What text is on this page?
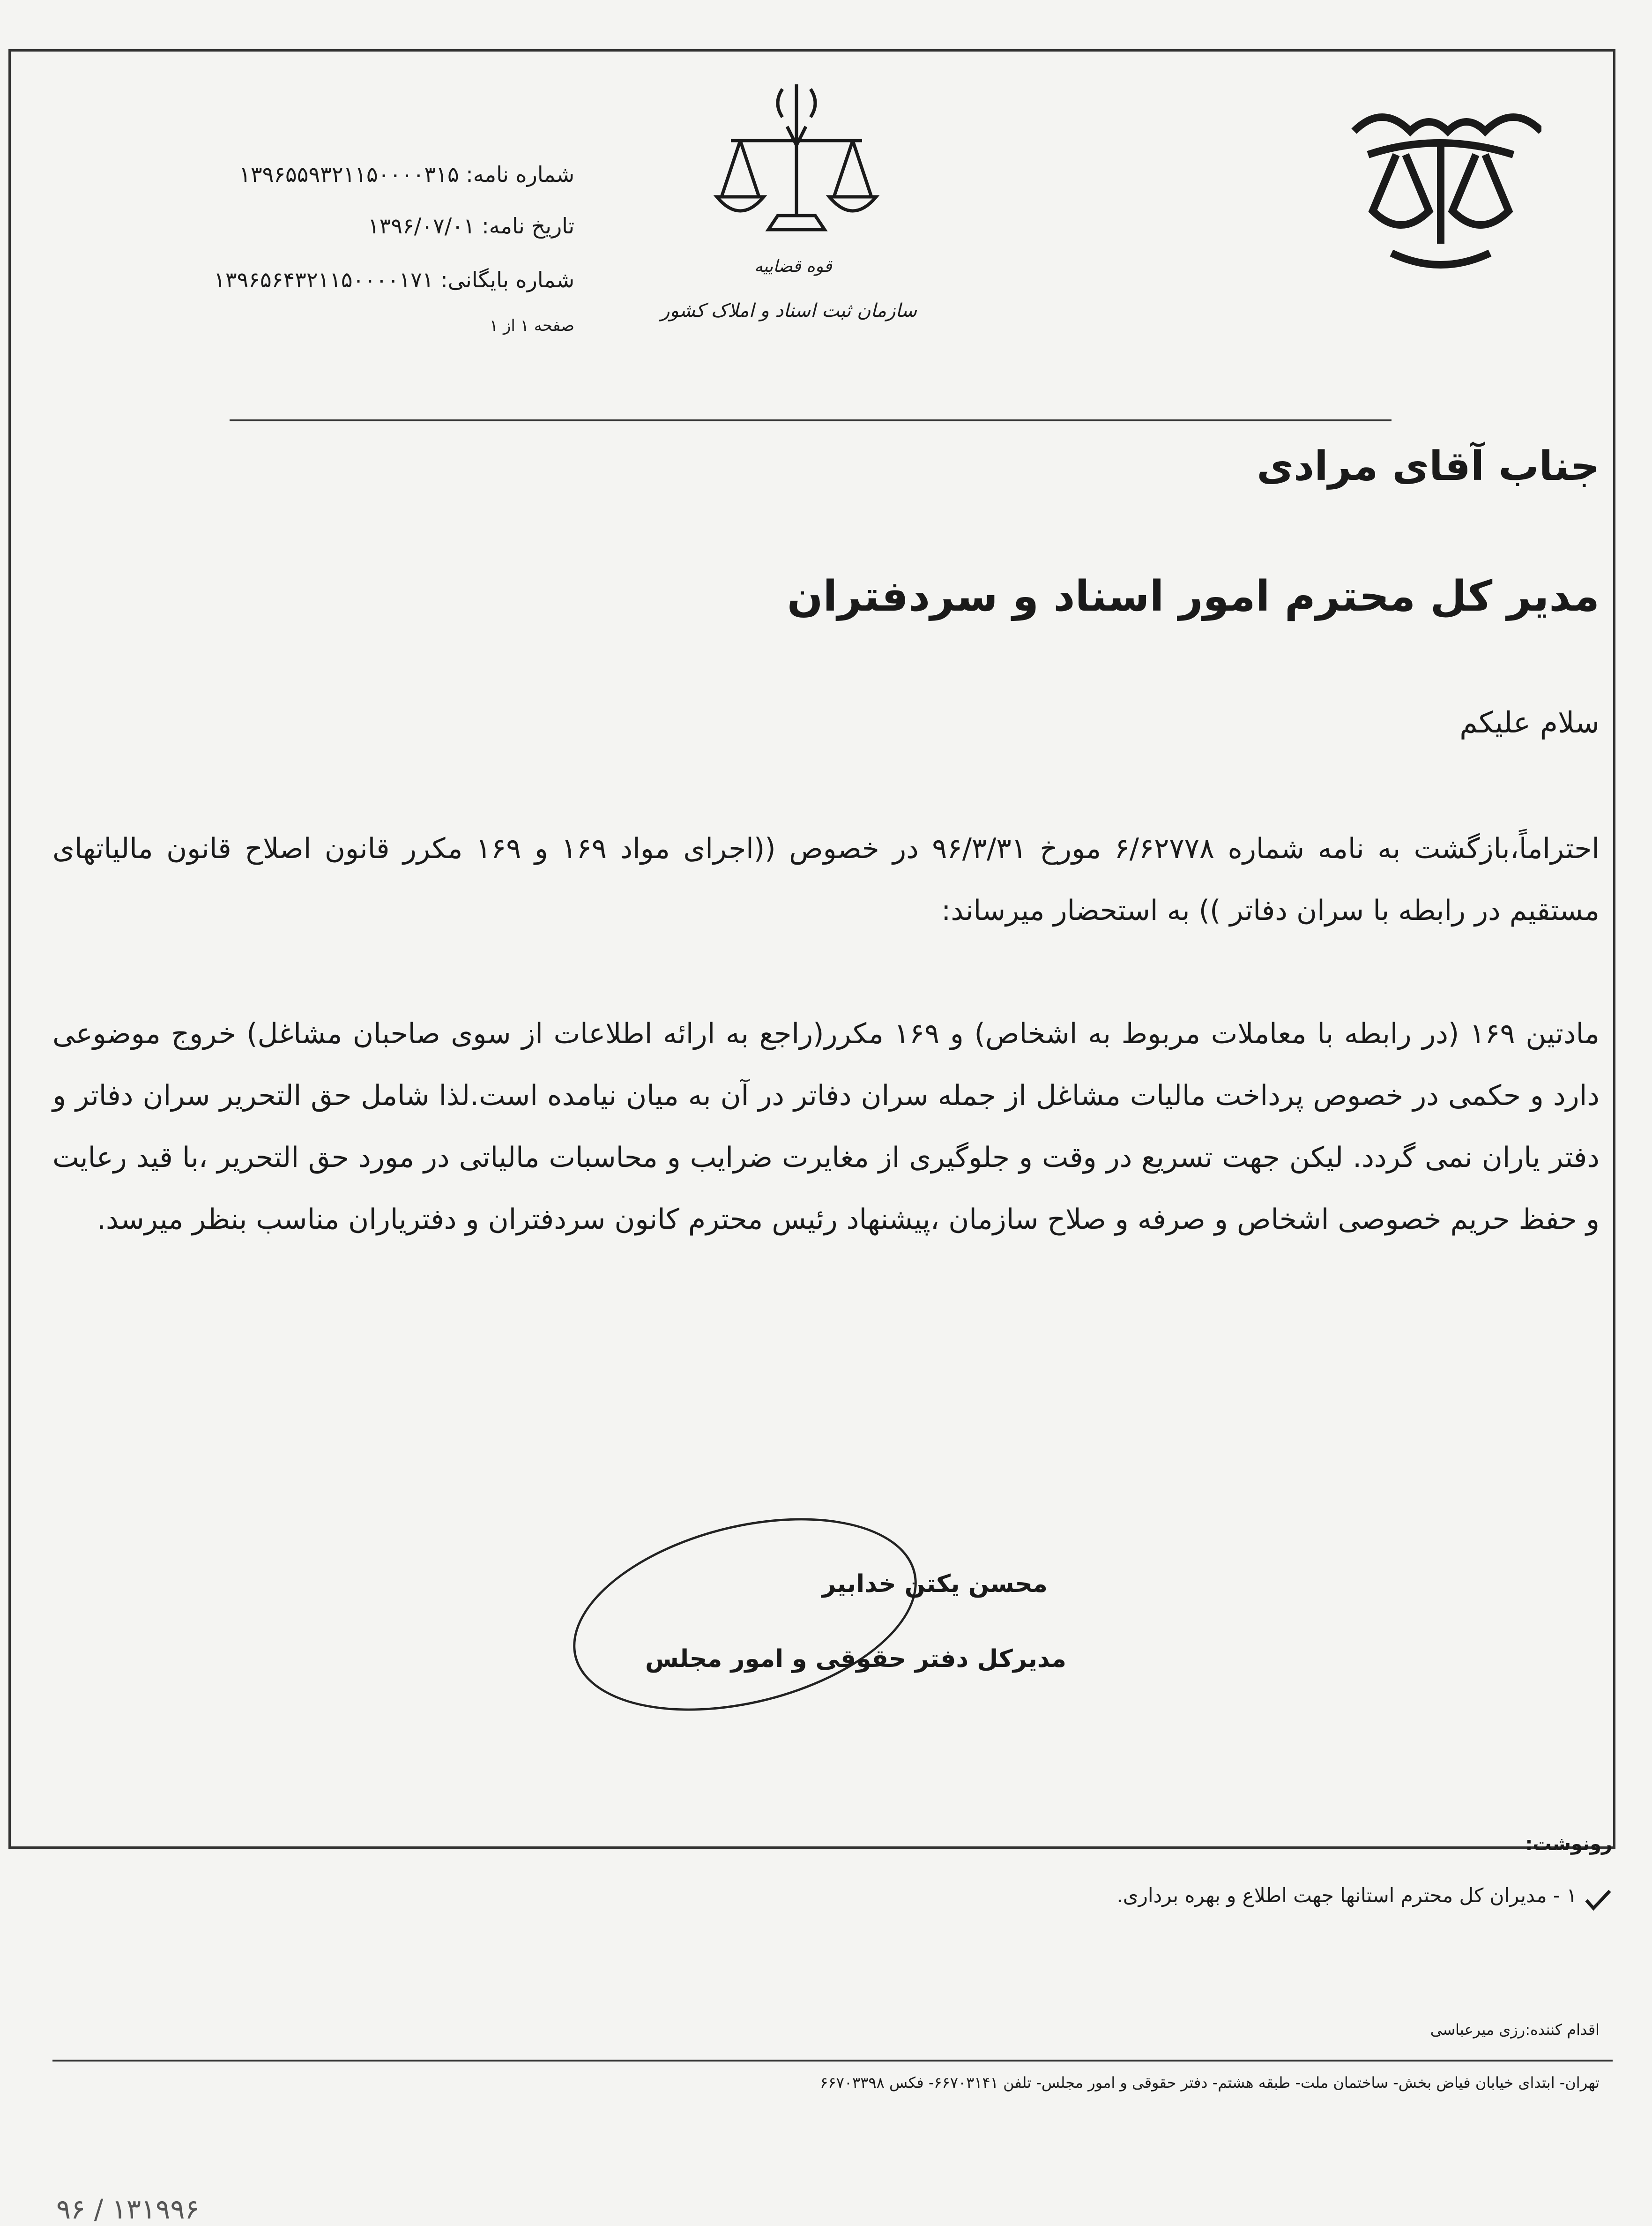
شماره نامه: ۱۳۹۶۵۵۹۳۲۱۱۵۰۰۰۰۳۱۵
تاریخ نامه: ۱۳۹۶/۰۷/۰۱
شماره بایگانی: ۱۳۹۶۵۶۴۳۲۱۱۵۰۰۰۰۱۷۱
صفحه ۱ از ۱
قوه قضاییه
سازمان ثبت اسناد و املاک کشور
جناب آقای مرادی
مدیر کل محترم امور اسناد و سردفتران
سلام علیکم
احتراماً،بازگشت به نامه شماره ۶/۶۲۷۷۸ مورخ ۹۶/۳/۳۱ در خصوص ((اجرای مواد ۱۶۹ و ۱۶۹ مکرر قانون اصلاح قانون مالیاتهای مستقیم در رابطه با سران دفاتر )) به استحضار میرساند:
مادتین ۱۶۹ (در رابطه با معاملات مربوط به اشخاص) و ۱۶۹ مکرر(راجع به ارائه اطلاعات از سوی صاحبان مشاغل) خروج موضوعی دارد و حکمی در خصوص پرداخت مالیات مشاغل از جمله سران دفاتر در آن به میان نیامده است.لذا شامل حق التحریر سران دفاتر و دفتر یاران نمی گردد. لیکن جهت تسریع در وقت و جلوگیری از مغایرت ضرایب و محاسبات مالیاتی در مورد حق التحریر ،با قید رعایت و حفظ حریم خصوصی اشخاص و صرفه و صلاح سازمان ،پیشنهاد رئیس محترم کانون سردفتران و دفتریاران مناسب بنظر میرسد.
محسن یکتن خدابیر
مدیرکل دفتر حقوقی و امور مجلس
رونوشت:
۱ - مدیران کل محترم استانها جهت اطلاع و بهره برداری.
اقدام کننده:رزی میرعباسی
تهران- ابتدای خیابان فیاض بخش- ساختمان ملت- طبقه هشتم- دفتر حقوقی و امور مجلس- تلفن ۶۶۷۰۳۱۴۱- فکس ۶۶۷۰۳۳۹۸
۹۶ / ۱۳۱۹۹۶
